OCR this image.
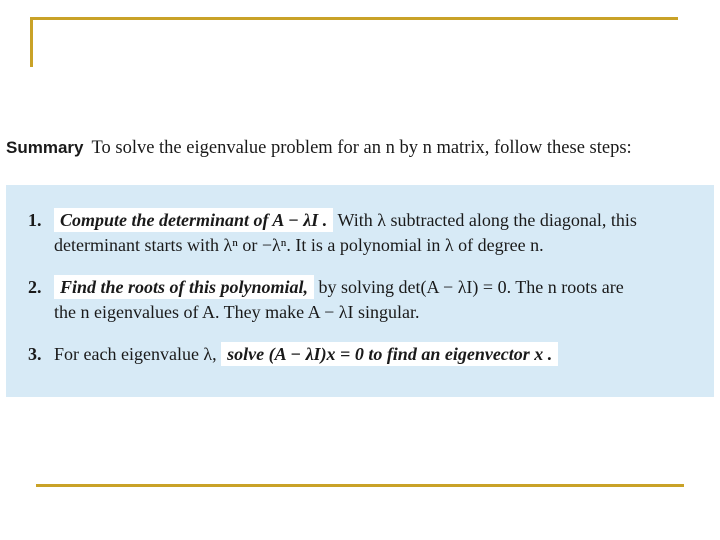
Summary To solve the eigenvalue problem for an n by n matrix, follow these steps:
1. Compute the determinant of A − λI . With λ subtracted along the diagonal, this
determinant starts with λⁿ or −λⁿ. It is a polynomial in λ of degree n.
2. Find the roots of this polynomial, by solving det(A − λI) = 0. The n roots are
the n eigenvalues of A. They make A − λI singular.
3. For each eigenvalue λ, solve (A − λI)x = 0 to find an eigenvector x .
